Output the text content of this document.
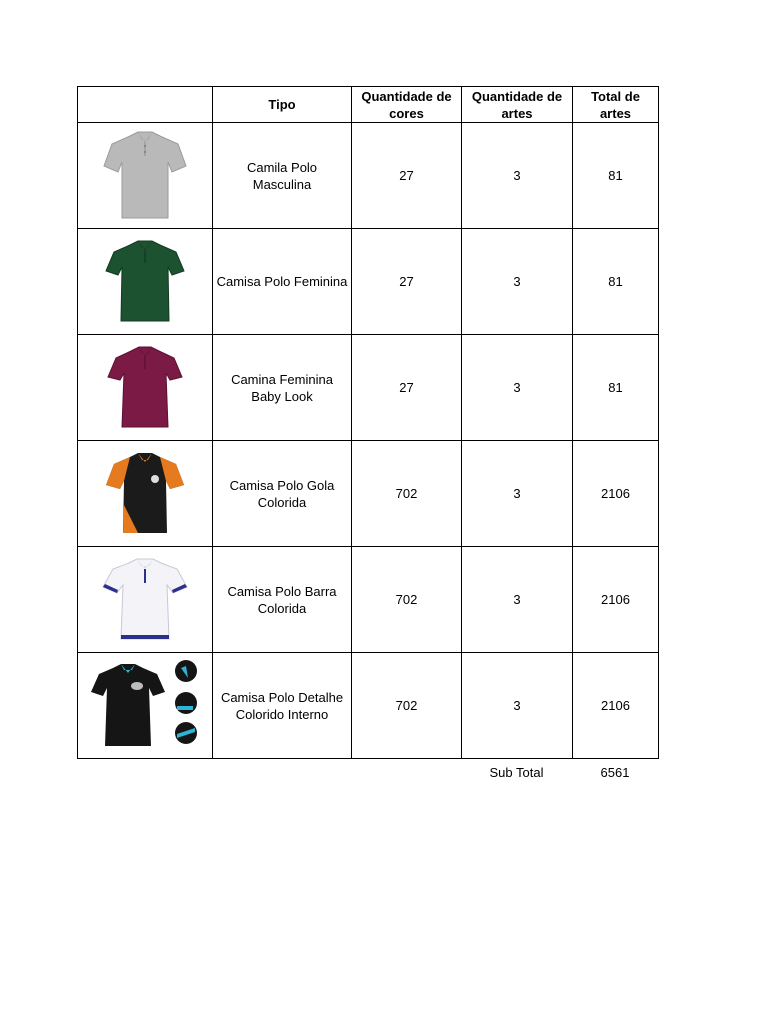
	Tipo	Quantidade de cores	Quantidade de artes	Total de artes

	Camila Polo Masculina	27	3	81

	Camisa Polo Feminina	27	3	81

	Camina Feminina Baby Look	27	3	81

	Camisa Polo Gola Colorida	702	3	2106

	Camisa Polo Barra Colorida	702	3	2106

	Camisa Polo Detalhe Colorido Interno	702	3	2106
Sub Total	6561
